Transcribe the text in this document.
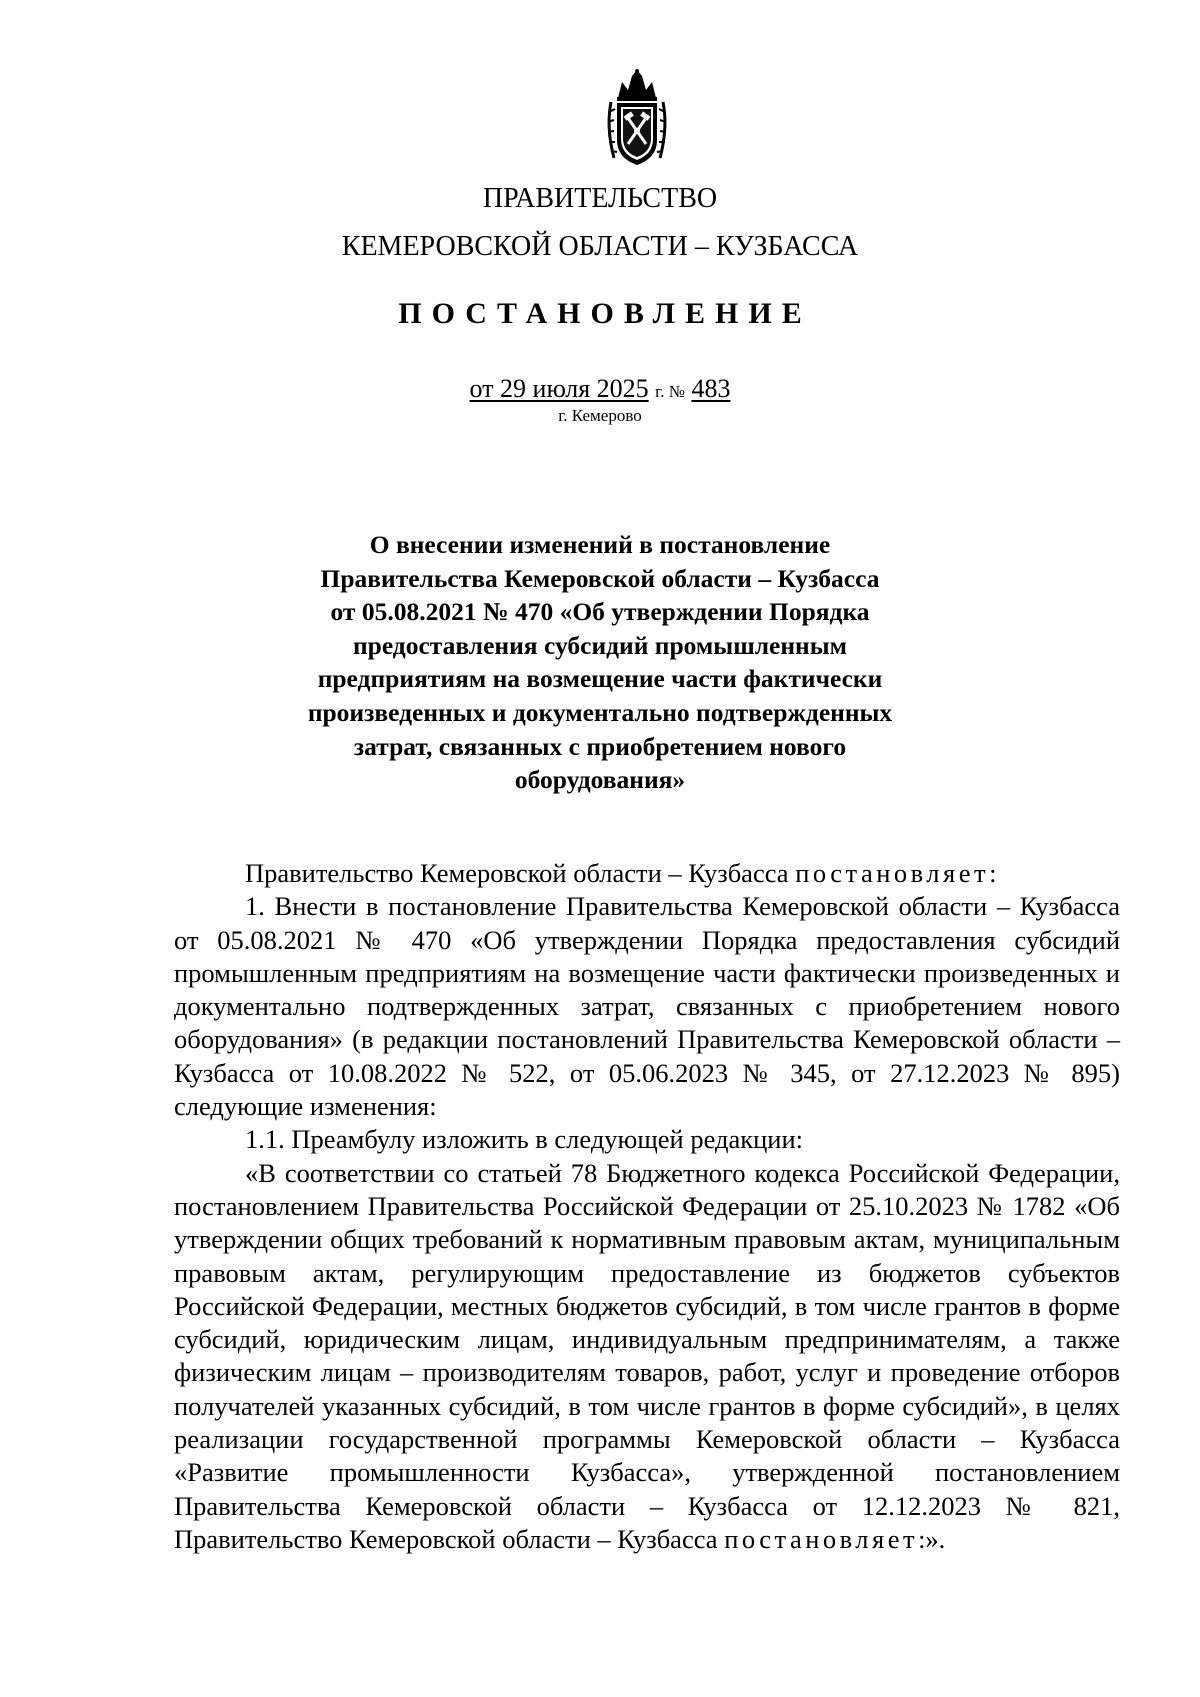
ПРАВИТЕЛЬСТВО
КЕМЕРОВСКОЙ ОБЛАСТИ – КУЗБАССА
ПОСТАНОВЛЕНИЕ
от 29 июля 2025 г. № 483
г. Кемерово
О внесении изменений в постановление
Правительства Кемеровской области – Кузбасса
от 05.08.2021 № 470 «Об утверждении Порядка
предоставления субсидий промышленным
предприятиям на возмещение части фактически
произведенных и документально подтвержденных
затрат, связанных с приобретением нового
оборудования»

Правительство Кемеровской области – Кузбасса постановляет:

1. Внести в постановление Правительства Кемеровской области – Кузбасса от 05.08.2021 № 470 «Об утверждении Порядка предоставления субсидий промышленным предприятиям на возмещение части фактически произведенных и документально подтвержденных затрат, связанных с приобретением нового оборудования» (в редакции постановлений Правительства Кемеровской области – Кузбасса от 10.08.2022 № 522, от 05.06.2023 № 345, от 27.12.2023 № 895) следующие изменения:

1.1. Преамбулу изложить в следующей редакции:

«В соответствии со статьей 78 Бюджетного кодекса Российской Федерации, постановлением Правительства Российской Федерации от 25.10.2023 № 1782 «Об утверждении общих требований к нормативным правовым актам, муниципальным правовым актам, регулирующим предоставление из бюджетов субъектов Российской Федерации, местных бюджетов субсидий, в том числе грантов в форме субсидий, юридическим лицам, индивидуальным предпринимателям, а также физическим лицам – производителям товаров, работ, услуг и проведение отборов получателей указанных субсидий, в том числе грантов в форме субсидий», в целях реализации государственной программы Кемеровской области – Кузбасса «Развитие промышленности Кузбасса», утвержденной постановлением Правительства Кемеровской области – Кузбасса от 12.12.2023 № 821, Правительство Кемеровской области – Кузбасса постановляет:».
